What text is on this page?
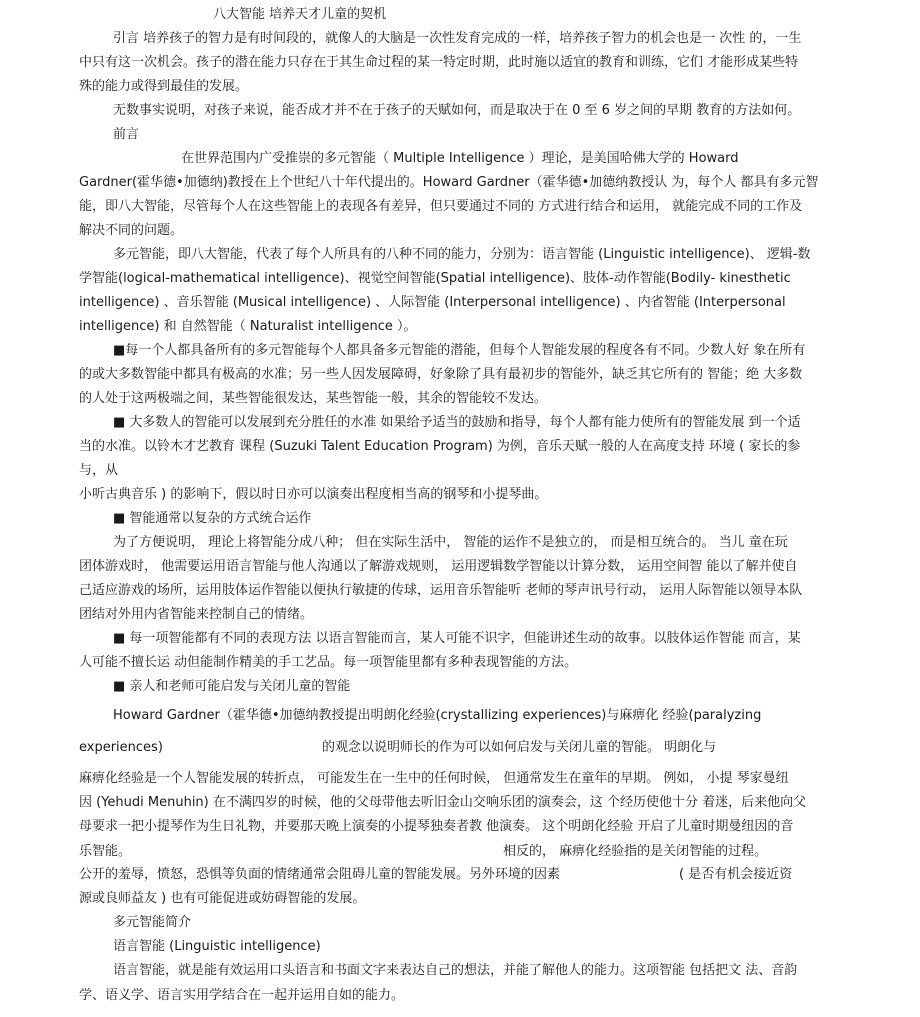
八大智能 培养天才儿童的契机
引言 培养孩子的智力是有时间段的，就像人的大脑是一次性发育完成的一样，培养孩子智力的机会也是一 次性 的，一生
中只有这一次机会。孩子的潜在能力只存在于其生命过程的某一特定时期，此时施以适宜的教育和训练，它们 才能形成某些特
殊的能力或得到最佳的发展。
无数事实说明，对孩子来说，能否成才并不在于孩子的天赋如何，而是取决于在 0 至 6 岁之间的早期 教育的方法如何。
前言
在世界范围内广受推崇的多元智能（ Multiple Intelligence ）理论，是美国哈佛大学的 Howard
Gardner(霍华德•加德纳)教授在上个世纪八十年代提出的。Howard Gardner（霍华德•加德纳教授认 为，每个人 都具有多元智
能，即八大智能，尽管每个人在这些智能上的表现各有差异，但只要通过不同的 方式进行结合和运用， 就能完成不同的工作及
解决不同的问题。
多元智能，即八大智能，代表了每个人所具有的八种不同的能力，分别为：语言智能 (Linguistic intelligence)、 逻辑-数
学智能(logical-mathematical intelligence)、视觉空间智能(Spatial intelligence)、肢体-动作智能(Bodily- kinesthetic
intelligence) 、音乐智能 (Musical intelligence) 、人际智能 (Interpersonal intelligence) 、内省智能 (Interpersonal
intelligence) 和 自然智能（ Naturalist intelligence ）。
■每一个人都具备所有的多元智能每个人都具备多元智能的潜能，但每个人智能发展的程度各有不同。少数人好 象在所有
的或大多数智能中都具有极高的水准；另一些人因发展障碍，好象除了具有最初步的智能外，缺乏其它所有的 智能；绝 大多数
的人处于这两极端之间，某些智能很发达，某些智能一般，其余的智能较不发达。
■ 大多数人的智能可以发展到充分胜任的水准 如果给予适当的鼓励和指导，每个人都有能力使所有的智能发展 到一个适
当的水准。以铃木才艺教育 课程 (Suzuki Talent Education Program) 为例，音乐天赋一般的人在高度支持 环境 ( 家长的参
与，从
小听古典音乐 ) 的影响下，假以时日亦可以演奏出程度相当高的钢琴和小提琴曲。
■ 智能通常以复杂的方式统合运作
为了方便说明， 理论上将智能分成八种； 但在实际生活中， 智能的运作不是独立的， 而是相互统合的。 当儿 童在玩
团体游戏时， 他需要运用语言智能与他人沟通以了解游戏规则， 运用逻辑数学智能以计算分数， 运用空间智 能以了解并使自
己适应游戏的场所，运用肢体运作智能以便执行敏捷的传球，运用音乐智能听 老师的琴声讯号行动， 运用人际智能以领导本队
团结对外用内省智能来控制自己的情绪。
■ 每一项智能都有不同的表现方法 以语言智能而言，某人可能不识字，但能讲述生动的故事。以肢体运作智能 而言，某
人可能不擅长运 动但能制作精美的手工艺品。每一项智能里都有多种表现智能的方法。
■ 亲人和老师可能启发与关闭儿童的智能
Howard Gardner（霍华德•加德纳教授提出明朗化经验(crystallizing experiences)与麻痹化 经验(paralyzing
experiences)	的观念以说明师长的作为可以如何启发与关闭儿童的智能。 明朗化与
麻痹化经验是一个人智能发展的转折点， 可能发生在一生中的任何时候， 但通常发生在童年的早期。 例如， 小提 琴家曼纽
因 (Yehudi Menuhin) 在不满四岁的时候，他的父母带他去听旧金山交响乐团的演奏会，这 个经历使他十分 着迷，后来他向父
母要求一把小提琴作为生日礼物，并要那天晚上演奏的小提琴独奏者教 他演奏。 这个明朗化经验 开启了儿童时期曼纽因的音
乐智能。	相反的， 麻痹化经验指的是关闭智能的过程。
公开的羞辱，愤怒，恐惧等负面的情绪通常会阻碍儿童的智能发展。另外环境的因素	( 是否有机会接近资
源或良师益友 ) 也有可能促进或妨碍智能的发展。
多元智能简介
语言智能 (Linguistic intelligence)
语言智能，就是能有效运用口头语言和书面文字来表达自己的想法，并能了解他人的能力。这项智能 包括把文 法、音韵
学、语义学、语言实用学结合在一起并运用自如的能力。
